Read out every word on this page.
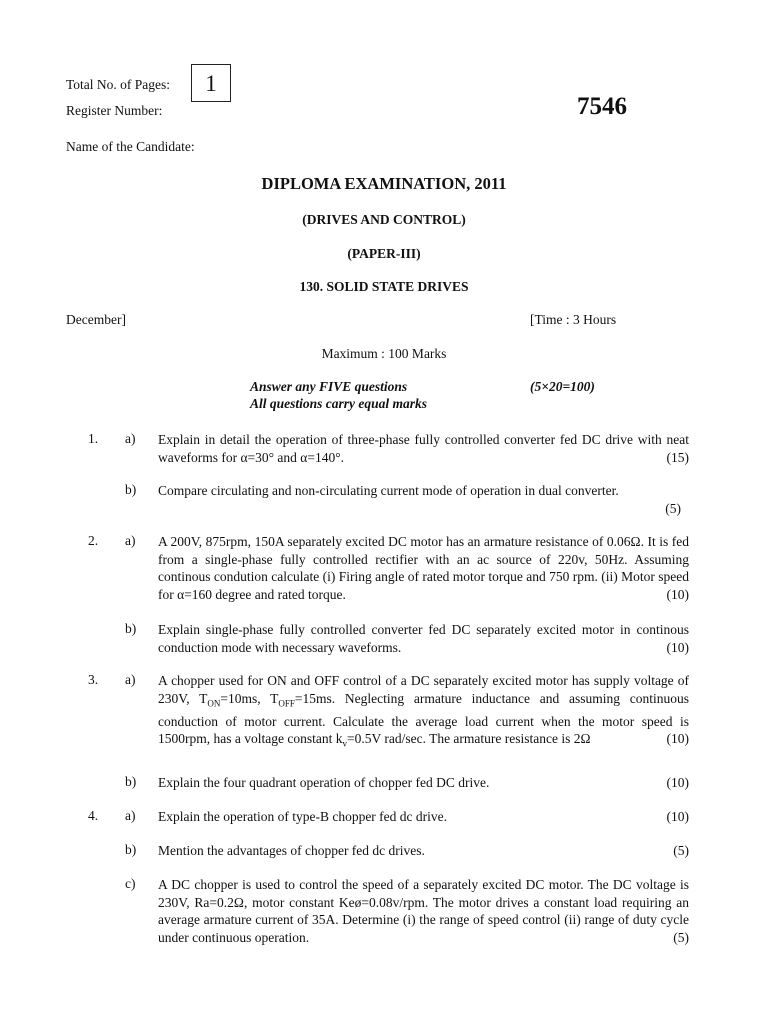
Total No. of Pages:	1
Register Number:	7546
Name of the Candidate:
DIPLOMA EXAMINATION, 2011
(DRIVES AND CONTROL)
(PAPER-III)
130. SOLID STATE DRIVES
December]	[Time : 3 Hours
Maximum : 100 Marks
Answer any FIVE questions	(5×20=100)
All questions carry equal marks
1. a) Explain in detail the operation of three-phase fully controlled converter fed DC drive with neat waveforms for α=30° and α=140°.	(15)
b) Compare circulating and non-circulating current mode of operation in dual converter.
(5)
2. a) A 200V, 875rpm, 150A separately excited DC motor has an armature resistance of 0.06Ω. It is fed from a single-phase fully controlled rectifier with an ac source of 220v, 50Hz. Assuming continous condution calculate (i) Firing angle of rated motor torque and 750 rpm. (ii) Motor speed for α=160 degree and rated torque.	(10)
b) Explain single-phase fully controlled converter fed DC separately excited motor in continous conduction mode with necessary waveforms.	(10)
3. a) A chopper used for ON and OFF control of a DC separately excited motor has supply voltage of 230V, $T_{ON}=10ms$, $T_{OFF}=15ms$. Neglecting armature inductance and assuming continuous conduction of motor current. Calculate the average load current when the motor speed is 1500rpm, has a voltage constant $k_v=0.5V$ rad/sec. The armature resistance is 2Ω	(10)
b) Explain the four quadrant operation of chopper fed DC drive.	(10)
4. a) Explain the operation of type-B chopper fed dc drive.	(10)
b) Mention the advantages of chopper fed dc drives.	(5)
c) A DC chopper is used to control the speed of a separately excited DC motor. The DC voltage is 230V, Ra=0.2Ω, motor constant Keø=0.08v/rpm. The motor drives a constant load requiring an average armature current of 35A. Determine (i) the range of speed control (ii) range of duty cycle under continuous operation.	(5)
